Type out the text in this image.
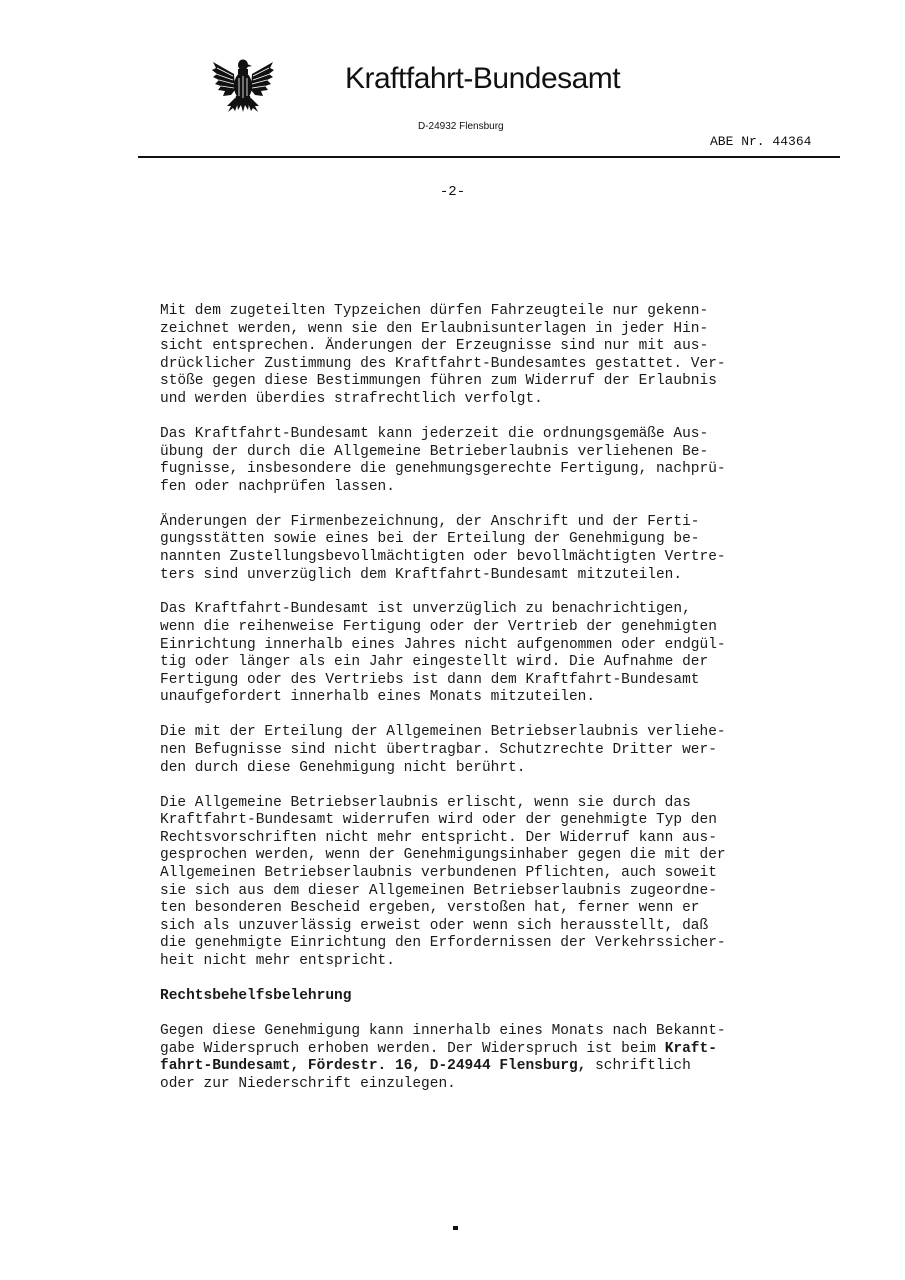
Kraftfahrt-Bundesamt
D-24932 Flensburg
ABE Nr. 44364
-2-

Mit dem zugeteilten Typzeichen dürfen Fahrzeugteile nur gekenn-
zeichnet werden, wenn sie den Erlaubnisunterlagen in jeder Hin-
sicht entsprechen. Änderungen der Erzeugnisse sind nur mit aus-
drücklicher Zustimmung des Kraftfahrt-Bundesamtes gestattet. Ver-
stöße gegen diese Bestimmungen führen zum Widerruf der Erlaubnis
und werden überdies strafrechtlich verfolgt.

Das Kraftfahrt-Bundesamt kann jederzeit die ordnungsgemäße Aus-
übung der durch die Allgemeine Betrieberlaubnis verliehenen Be-
fugnisse, insbesondere die genehmungsgerechte Fertigung, nachprü-
fen oder nachprüfen lassen.

Änderungen der Firmenbezeichnung, der Anschrift und der Ferti-
gungsstätten sowie eines bei der Erteilung der Genehmigung be-
nannten Zustellungsbevollmächtigten oder bevollmächtigten Vertre-
ters sind unverzüglich dem Kraftfahrt-Bundesamt mitzuteilen.

Das Kraftfahrt-Bundesamt ist unverzüglich zu benachrichtigen,
wenn die reihenweise Fertigung oder der Vertrieb der genehmigten
Einrichtung innerhalb eines Jahres nicht aufgenommen oder endgül-
tig oder länger als ein Jahr eingestellt wird. Die Aufnahme der
Fertigung oder des Vertriebs ist dann dem Kraftfahrt-Bundesamt
unaufgefordert innerhalb eines Monats mitzuteilen.

Die mit der Erteilung der Allgemeinen Betriebserlaubnis verliehe-
nen Befugnisse sind nicht übertragbar. Schutzrechte Dritter wer-
den durch diese Genehmigung nicht berührt.

Die Allgemeine Betriebserlaubnis erlischt, wenn sie durch das
Kraftfahrt-Bundesamt widerrufen wird oder der genehmigte Typ den
Rechtsvorschriften nicht mehr entspricht. Der Widerruf kann aus-
gesprochen werden, wenn der Genehmigungsinhaber gegen die mit der
Allgemeinen Betriebserlaubnis verbundenen Pflichten, auch soweit
sie sich aus dem dieser Allgemeinen Betriebserlaubnis zugeordne-
ten besonderen Bescheid ergeben, verstoßen hat, ferner wenn er
sich als unzuverlässig erweist oder wenn sich herausstellt, daß
die genehmigte Einrichtung den Erfordernissen der Verkehrssicher-
heit nicht mehr entspricht.

Rechtsbehelfsbelehrung

Gegen diese Genehmigung kann innerhalb eines Monats nach Bekannt-
gabe Widerspruch erhoben werden. Der Widerspruch ist beim Kraft-
fahrt-Bundesamt, Fördestr. 16, D-24944 Flensburg, schriftlich
oder zur Niederschrift einzulegen.
